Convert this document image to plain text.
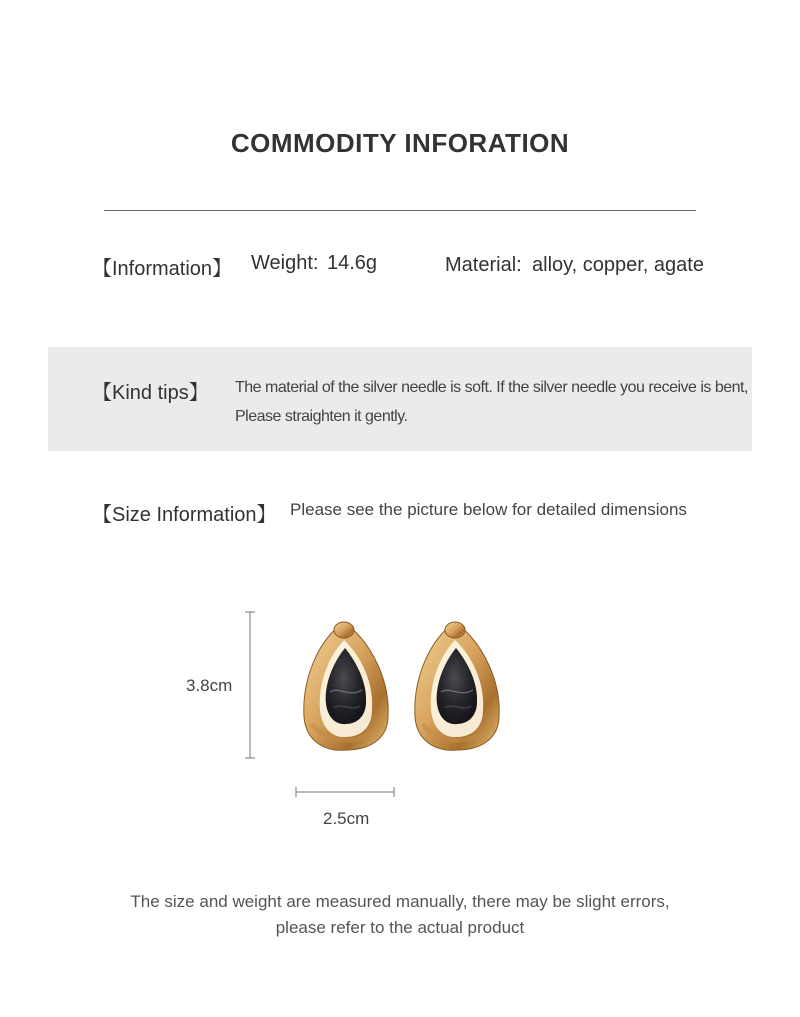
COMMODITY INFORATION
【Information】 Weight: 14.6g	Material: alloy, copper, agate
【Kind tips】 The material of the silver needle is soft. If the silver needle you receive is bent,
Please straighten it gently.
【Size Information】 Please see the picture below for detailed dimensions
3.8cm
2.5cm
The size and weight are measured manually, there may be slight errors,
please refer to the actual product
